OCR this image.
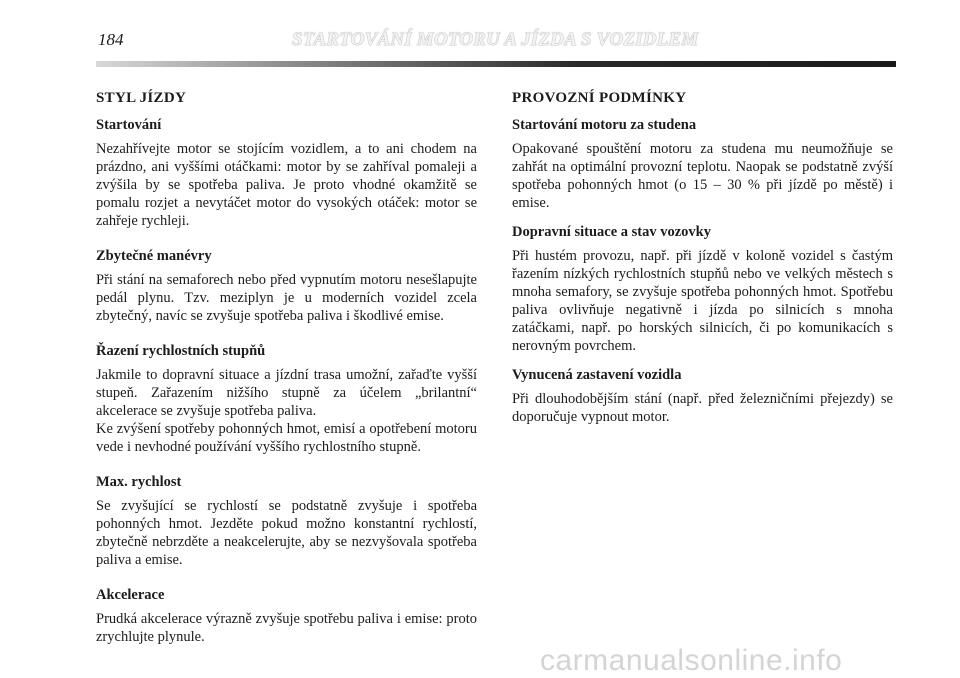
184	STARTOVÁNÍ MOTORU A JÍZDA S VOZIDLEM
STYL JÍZDY
Startování

Nezahřívejte motor se stojícím vozidlem, a to ani chodem na prázdno, ani vyššími otáčkami: motor by se zahříval pomaleji a zvýšila by se spotřeba paliva. Je proto vhodné okamžitě se pomalu rozjet a nevytáčet motor do vysokých otáček: motor se zahřeje rychleji.

Zbytečné manévry

Při stání na semaforech nebo před vypnutím motoru nesešlapujte pedál plynu. Tzv. meziplyn je u moderních vozidel zcela zbytečný, navíc se zvyšuje spotřeba paliva i škodlivé emise.

Řazení rychlostních stupňů

Jakmile to dopravní situace a jízdní trasa umožní, zařaďte vyšší stupeň. Zařazením nižšího stupně za účelem „brilantní“ akcelerace se zvyšuje spotřeba paliva.

Ke zvýšení spotřeby pohonných hmot, emisí a opotřebení motoru vede i nevhodné používání vyššího rychlostního stupně.

Max. rychlost

Se zvyšující se rychlostí se podstatně zvyšuje i spotřeba pohonných hmot. Jezděte pokud možno konstantní rychlostí, zbytečně nebrzděte a neakcelerujte, aby se nezvyšovala spotřeba paliva a emise.

Akcelerace

Prudká akcelerace výrazně zvyšuje spotřebu paliva i emise: proto zrychlujte plynule.

PROVOZNÍ PODMÍNKY
Startování motoru za studena

Opakované spouštění motoru za studena mu neumožňuje se zahřát na optimální provozní teplotu. Naopak se podstatně zvýší spotřeba pohonných hmot (o 15 – 30 % při jízdě po městě) i emise.

Dopravní situace a stav vozovky

Při hustém provozu, např. při jízdě v koloně vozidel s častým řazením nízkých rychlostních stupňů nebo ve velkých městech s mnoha semafory, se zvyšuje spotřeba pohonných hmot. Spotřebu paliva ovlivňuje negativně i jízda po silnicích s mnoha zatáčkami, např. po horských silnicích, či po komunikacích s nerovným povrchem.

Vynucená zastavení vozidla

Při dlouhodobějším stání (např. před železničními přejezdy) se doporučuje vypnout motor.

carmanualsonline.info
